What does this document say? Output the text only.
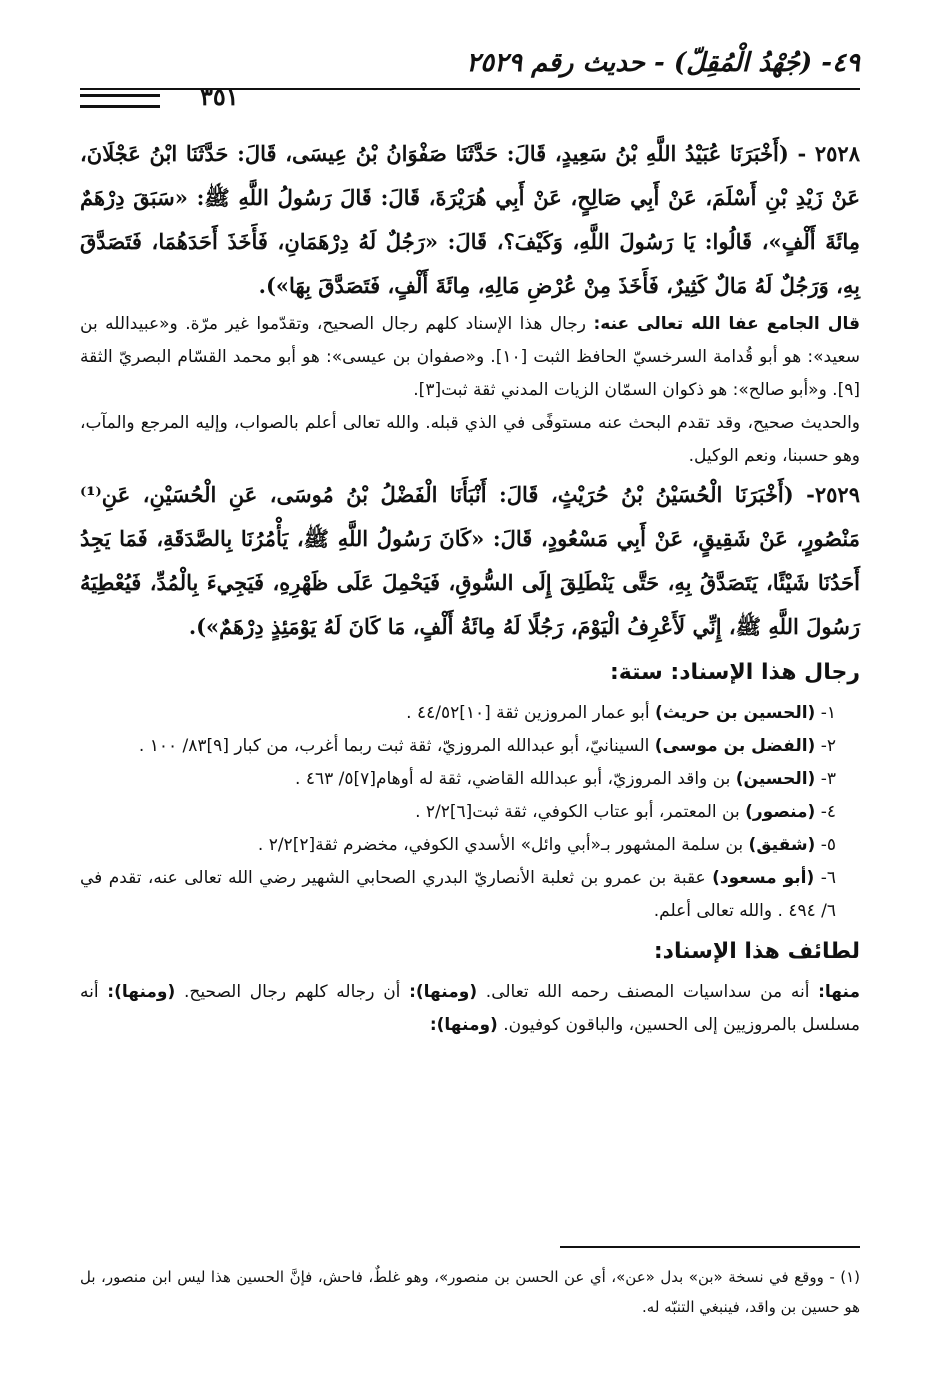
٤٩- (جُهْدُ الْمُقِلّ) - حديث رقم ٢٥٢٩
٣٥١

٢٥٢٨ - (أَخْبَرَنَا عُبَيْدُ اللَّهِ بْنُ سَعِيدٍ، قَالَ: حَدَّثَنَا صَفْوَانُ بْنُ عِيسَى، قَالَ: حَدَّثَنَا ابْنُ عَجْلَانَ، عَنْ زَيْدِ بْنِ أَسْلَمَ، عَنْ أَبِي صَالِحٍ، عَنْ أَبِي هُرَيْرَةَ، قَالَ: قَالَ رَسُولُ اللَّهِ ﷺ: «سَبَقَ دِرْهَمٌ مِائَةَ أَلْفٍ»، قَالُوا: يَا رَسُولَ اللَّهِ، وَكَيْفَ؟، قَالَ: «رَجُلٌ لَهُ دِرْهَمَانِ، فَأَخَذَ أَحَدَهُمَا، فَتَصَدَّقَ بِهِ، وَرَجُلٌ لَهُ مَالٌ كَثِيرٌ، فَأَخَذَ مِنْ عُرْضِ مَالِهِ، مِائَةَ أَلْفٍ، فَتَصَدَّقَ بِهَا»).

قال الجامع عفا الله تعالى عنه: رجال هذا الإسناد كلهم رجال الصحيح، وتقدّموا غير مرّة. و«عبيدالله بن سعيد»: هو أبو قُدامة السرخسيّ الحافظ الثبت [١٠]. و«صفوان بن عيسى»: هو أبو محمد القسّام البصريّ الثقة [٩]. و«أبو صالح»: هو ذكوان السمّان الزيات المدني ثقة ثبت[٣].

والحديث صحيح، وقد تقدم البحث عنه مستوفًى في الذي قبله. والله تعالى أعلم بالصواب، وإليه المرجع والمآب، وهو حسبنا، ونعم الوكيل.

٢٥٢٩- (أَخْبَرَنَا الْحُسَيْنُ بْنُ حُرَيْثٍ، قَالَ: أَنْبَأَنَا الْفَضْلُ بْنُ مُوسَى، عَنِ الْحُسَيْنِ، عَنِ⁽¹⁾ مَنْصُورٍ، عَنْ شَقِيقٍ، عَنْ أَبِي مَسْعُودٍ، قَالَ: «كَانَ رَسُولُ اللَّهِ ﷺ، يَأْمُرُنَا بِالصَّدَقَةِ، فَمَا يَجِدُ أَحَدُنَا شَيْئًا، يَتَصَدَّقُ بِهِ، حَتَّى يَنْطَلِقَ إِلَى السُّوقِ، فَيَحْمِلَ عَلَى ظَهْرِهِ، فَيَجِيءَ بِالْمُدِّ، فَيُعْطِيَهُ رَسُولَ اللَّهِ ﷺ، إِنِّي لَأَعْرِفُ الْيَوْمَ، رَجُلًا لَهُ مِائَةُ أَلْفٍ، مَا كَانَ لَهُ يَوْمَئِذٍ دِرْهَمٌ»).

رجال هذا الإسناد: ستة:
١- (الحسين بن حريث) أبو عمار المروزين ثقة [١٠]٤٤/٥٢ .
٢- (الفضل بن موسى) السينانيّ، أبو عبدالله المروزيّ، ثقة ثبت ربما أغرب، من كبار [٩]٨٣/ ١٠٠ .
٣- (الحسين) بن واقد المروزيّ، أبو عبدالله القاضي، ثقة له أوهام[٧]٥/ ٤٦٣ .
٤- (منصور) بن المعتمر، أبو عتاب الكوفي، ثقة ثبت[٦]٢/٢ .
٥- (شقيق) بن سلمة المشهور بـ«أبي وائل» الأسدي الكوفي، مخضرم ثقة[٢]٢/٢ .
٦- (أبو مسعود) عقبة بن عمرو بن ثعلبة الأنصاريّ البدري الصحابي الشهير رضي الله تعالى عنه، تقدم في ٦/ ٤٩٤ . والله تعالى أعلم.
لطائف هذا الإسناد:

منها: أنه من سداسيات المصنف رحمه الله تعالى. (ومنها): أن رجاله كلهم رجال الصحيح. (ومنها): أنه مسلسل بالمروزيين إلى الحسين، والباقون كوفيون. (ومنها):

(١) - ووقع في نسخة «بن» بدل «عن»، أي عن الحسن بن منصور»، وهو غلطٌ، فاحش، فإنَّ الحسين هذا ليس ابن منصور، بل هو حسين بن واقد، فينبغي التنبّه له.
